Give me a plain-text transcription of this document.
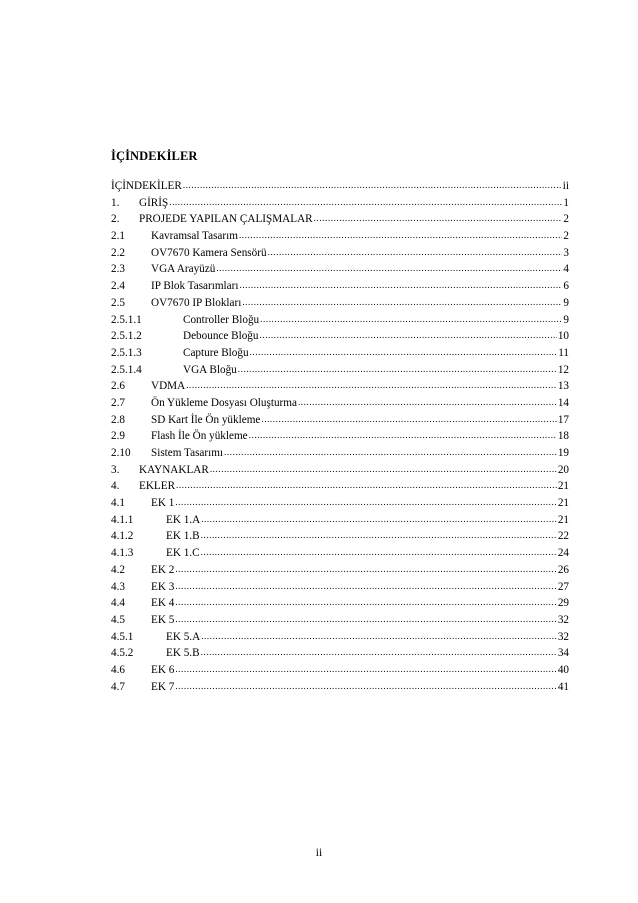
İÇİNDEKİLER
İÇİNDEKİLER .....	ii
1.	GİRİŞ .....	1
2.	PROJEDE YAPILAN ÇALIŞMALAR .....	2
2.1	Kavramsal Tasarım .....	2
2.2	OV7670 Kamera Sensörü .....	3
2.3	VGA Arayüzü .....	4
2.4	IP Blok Tasarımları .....	6
2.5	OV7670 IP Blokları .....	9
2.5.1.1	Controller Bloğu .....	9
2.5.1.2	Debounce Bloğu .....	10
2.5.1.3	Capture Bloğu .....	11
2.5.1.4	VGA Bloğu .....	12
2.6	VDMA .....	13
2.7	Ön Yükleme Dosyası Oluşturma .....	14
2.8	SD Kart İle Ön yükleme .....	17
2.9	Flash İle Ön yükleme .....	18
2.10	Sistem Tasarımı .....	19
3.	KAYNAKLAR .....	20
4.	EKLER .....	21
4.1	EK 1 .....	21
4.1.1	EK 1.A .....	21
4.1.2	EK 1.B .....	22
4.1.3	EK 1.C .....	24
4.2	EK 2 .....	26
4.3	EK 3 .....	27
4.4	EK 4 .....	29
4.5	EK 5 .....	32
4.5.1	EK 5.A .....	32
4.5.2	EK 5.B .....	34
4.6	EK 6 .....	40
4.7	EK 7 .....	41
ii
